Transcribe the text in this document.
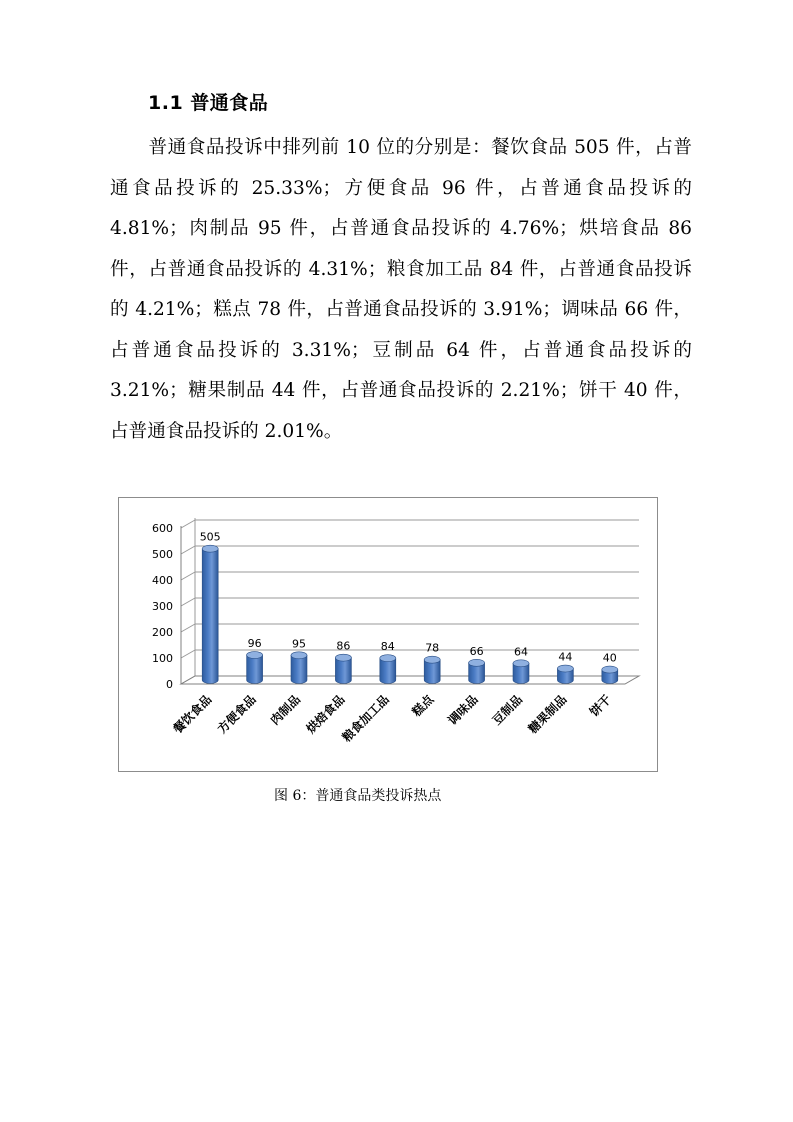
1.1 普通食品

普通食品投诉中排列前 10 位的分别是：餐饮食品 505 件，占普通食品投诉的 25.33%；方便食品 96 件，占普通食品投诉的 4.81%；肉制品 95 件，占普通食品投诉的 4.76%；烘培食品 86 件，占普通食品投诉的 4.31%；粮食加工品 84 件，占普通食品投诉的 4.21%；糕点 78 件，占普通食品投诉的 3.91%；调味品 66 件，占普通食品投诉的 3.31%；豆制品 64 件，占普通食品投诉的 3.21%；糖果制品 44 件，占普通食品投诉的 2.21%；饼干 40 件，占普通食品投诉的 2.01%。

0
100
200
300
400
500
600
505
餐饮食品
96
方便食品
95
肉制品
86
烘焙食品
84
粮食加工品
78
糕点
66
调味品
64
豆制品
44
糖果制品
40
饼干

图 6：普通食品类投诉热点
